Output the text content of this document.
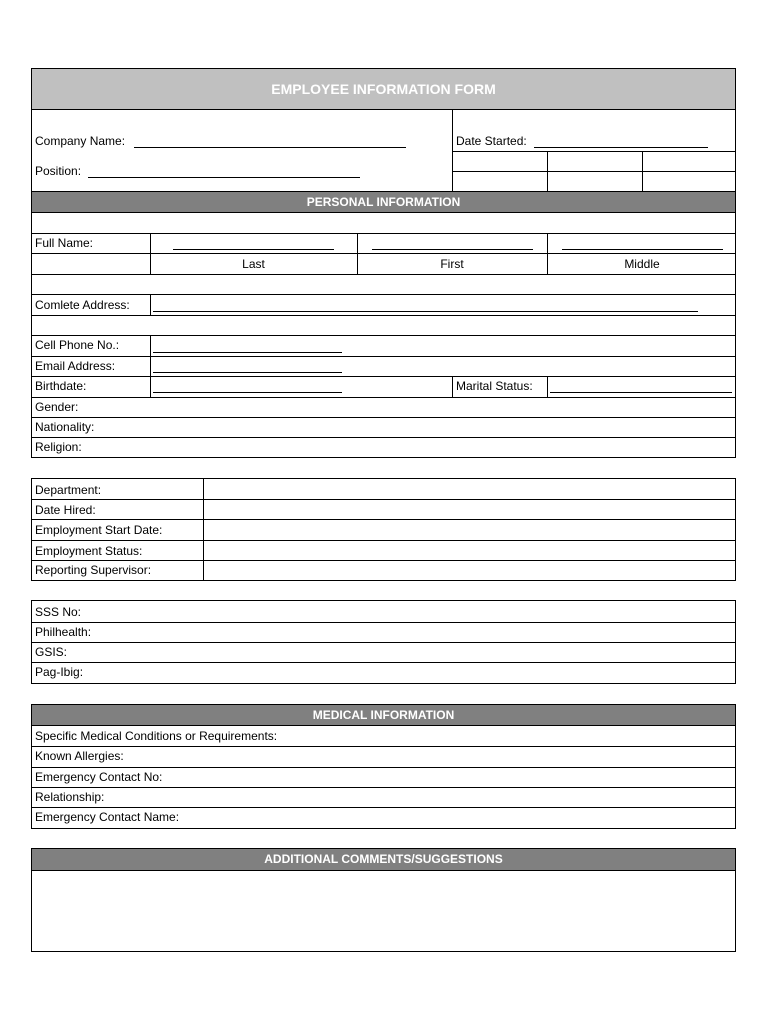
EMPLOYEE INFORMATION FORM
Company Name:	Date Started:
Position:
PERSONAL INFORMATION
Full Name:
Last	First	Middle
Comlete Address:
Cell Phone No.:
Email Address:
Birthdate:	Marital Status:
Gender:
Nationality:
Religion:
Department:
Date Hired:
Employment Start Date:
Employment Status:
Reporting Supervisor:
SSS No:
Philhealth:
GSIS:
Pag-Ibig:
MEDICAL INFORMATION
Specific Medical Conditions or Requirements:
Known Allergies:
Emergency Contact No:
Relationship:
Emergency Contact Name:
ADDITIONAL COMMENTS/SUGGESTIONS
